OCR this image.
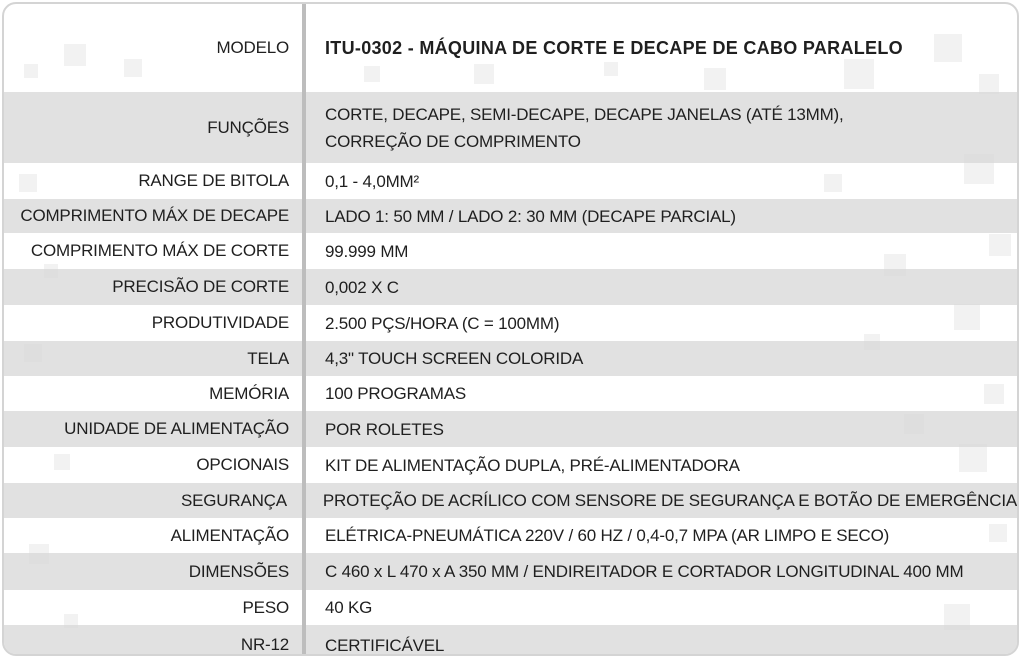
MODELO ITU-0302 - MÁQUINA DE CORTE E DECAPE DE CABO PARALELO
FUNÇÕES
CORTE, DECAPE, SEMI-DECAPE, DECAPE JANELAS (ATÉ 13MM),
CORREÇÃO DE COMPRIMENTO
RANGE DE BITOLA 0,1 - 4,0MM²
COMPRIMENTO MÁX DE DECAPE LADO 1: 50 MM / LADO 2: 30 MM (DECAPE PARCIAL)
COMPRIMENTO MÁX DE CORTE 99.999 MM
PRECISÃO DE CORTE 0,002 X C
PRODUTIVIDADE 2.500 PÇS/HORA (C = 100MM)
TELA 4,3" TOUCH SCREEN COLORIDA
MEMÓRIA 100 PROGRAMAS
UNIDADE DE ALIMENTAÇÃO POR ROLETES
OPCIONAIS KIT DE ALIMENTAÇÃO DUPLA, PRÉ-ALIMENTADORA
SEGURANÇA PROTEÇÃO DE ACRÍLICO COM SENSORE DE SEGURANÇA E BOTÃO DE EMERGÊNCIA
ALIMENTAÇÃO ELÉTRICA-PNEUMÁTICA 220V / 60 HZ / 0,4-0,7 MPA (AR LIMPO E SECO)
DIMENSÕES C 460 x L 470 x A 350 MM / ENDIREITADOR E CORTADOR LONGITUDINAL 400 MM
PESO 40 KG
NR-12 CERTIFICÁVEL
